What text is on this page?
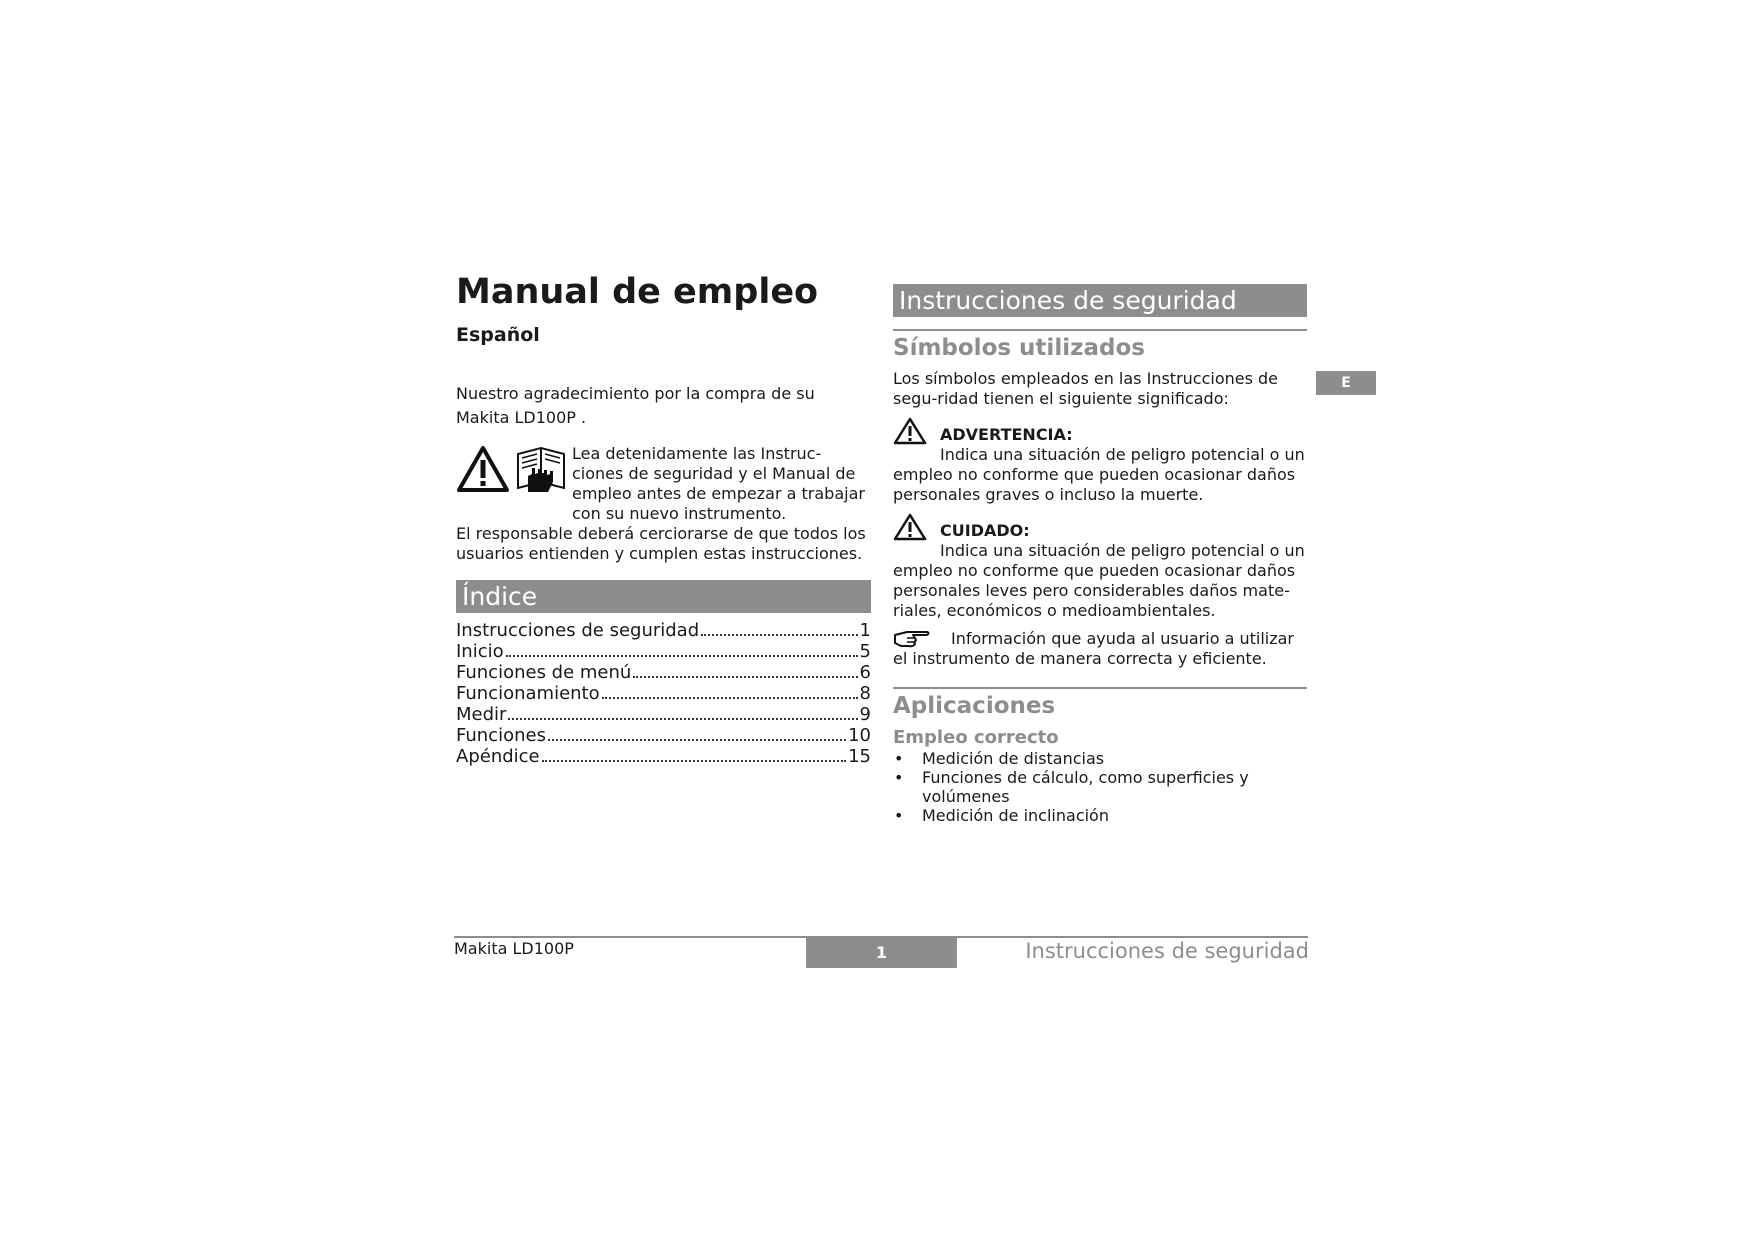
Manual de empleo
Español
Nuestro agradecimiento por la compra de su
Makita LD100P .
Lea detenidamente las Instruc-ciones de seguridad y el Manual de empleo antes de empezar a trabajar con su nuevo instrumento.

El responsable deberá cerciorarse de que todos los usuarios entienden y cumplen estas instrucciones.

Índice
Instrucciones de seguridad	1
Inicio	5
Funciones de menú	6
Funcionamiento	8
Medir	9
Funciones	10
Apéndice	15
Instrucciones de seguridad
Símbolos utilizados

Los símbolos empleados en las Instrucciones de segu-ridad tienen el siguiente significado:

ADVERTENCIA:

Indica una situación de peligro potencial o un empleo no conforme que pueden ocasionar daños personales graves o incluso la muerte.

CUIDADO:

Indica una situación de peligro potencial o un empleo no conforme que pueden ocasionar daños personales leves pero considerables daños mate-riales, económicos o medioambientales.

Información que ayuda al usuario a utilizar el instrumento de manera correcta y eficiente.
Aplicaciones
Empleo correcto
• Medición de distancias
• Funciones de cálculo, como superficies y volúmenes
• Medición de inclinación
E
Makita LD100P	1	Instrucciones de seguridad
